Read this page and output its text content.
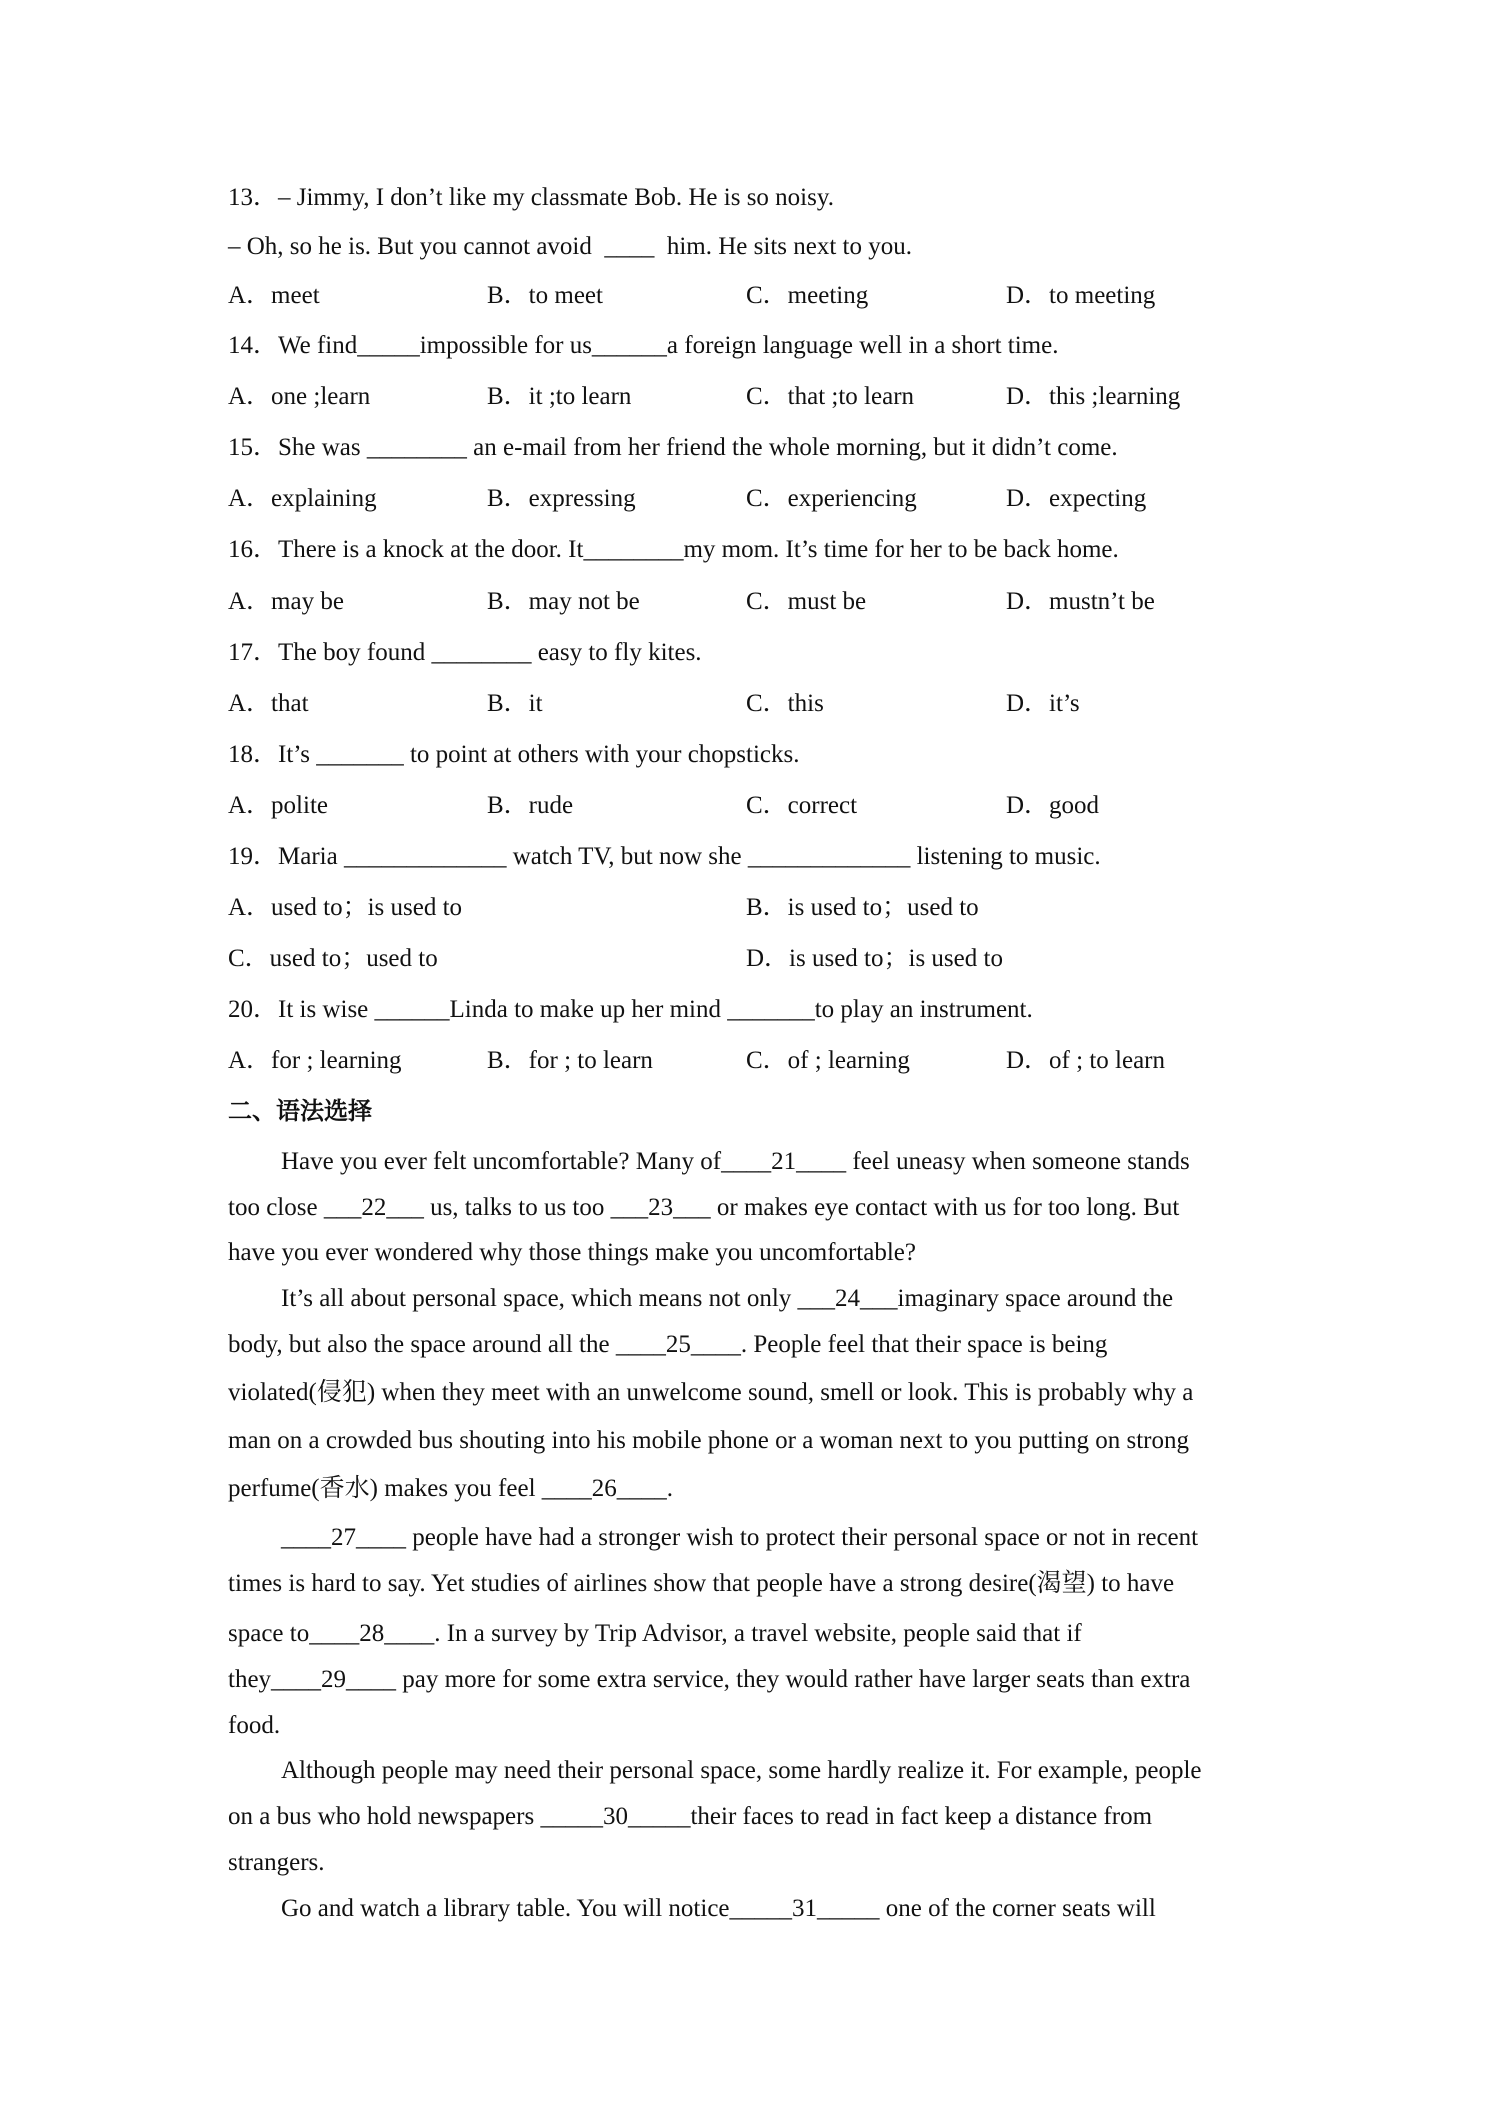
13．– Jimmy, I don’t like my classmate Bob. He is so noisy.
– Oh, so he is. But you cannot avoid  ____  him. He sits next to you.
A．meet	B．to meet	C．meeting	D．to meeting
14．We find_____impossible for us______a foreign language well in a short time.
A．one ;learn	B．it ;to learn	C．that ;to learn	D．this ;learning
15．She was ________ an e-mail from her friend the whole morning, but it didn’t come.
A．explaining	B．expressing	C．experiencing	D．expecting
16．There is a knock at the door. It________my mom. It’s time for her to be back home.
A．may be	B．may not be	C．must be	D．mustn’t be
17．The boy found ________ easy to fly kites.
A．that	B．it	C．this	D．it’s
18．It’s _______ to point at others with your chopsticks.
A．polite	B．rude	C．correct	D．good
19．Maria _____________ watch TV, but now she _____________ listening to music.
A．used to；is used to	B．is used to；used to
C．used to；used to	D．is used to；is used to
20．It is wise ______Linda to make up her mind _______to play an instrument.
A．for ; learning	B．for ; to learn	C．of ; learning	D．of ; to learn
二、语法选择
Have you ever felt uncomfortable? Many of____21____ feel uneasy when someone stands
too close ___22___ us, talks to us too ___23___ or makes eye contact with us for too long. But
have you ever wondered why those things make you uncomfortable?
It’s all about personal space, which means not only ___24___imaginary space around the
body, but also the space around all the ____25____. People feel that their space is being
violated(侵犯) when they meet with an unwelcome sound, smell or look. This is probably why a
man on a crowded bus shouting into his mobile phone or a woman next to you putting on strong
perfume(香水) makes you feel ____26____.
____27____ people have had a stronger wish to protect their personal space or not in recent
times is hard to say. Yet studies of airlines show that people have a strong desire(渴望) to have
space to____28____. In a survey by Trip Advisor, a travel website, people said that if
they____29____ pay more for some extra service, they would rather have larger seats than extra
food.
Although people may need their personal space, some hardly realize it. For example, people
on a bus who hold newspapers _____30_____their faces to read in fact keep a distance from
strangers.
Go and watch a library table. You will notice_____31_____ one of the corner seats will
